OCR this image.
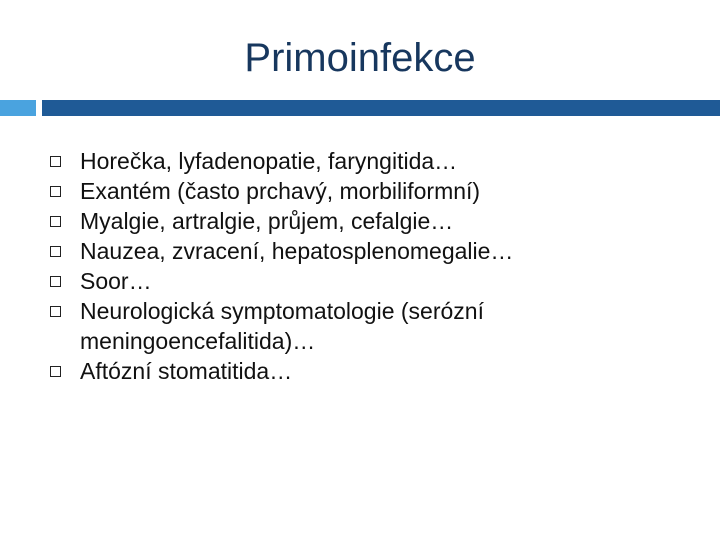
Primoinfekce
Horečka, lyfadenopatie, faryngitida…
Exantém (často prchavý, morbiliformní)
Myalgie, artralgie, průjem, cefalgie…
Nauzea, zvracení, hepatosplenomegalie…
Soor…
Neurologická symptomatologie (serózní meningoencefalitida)…
Aftózní stomatitida…
